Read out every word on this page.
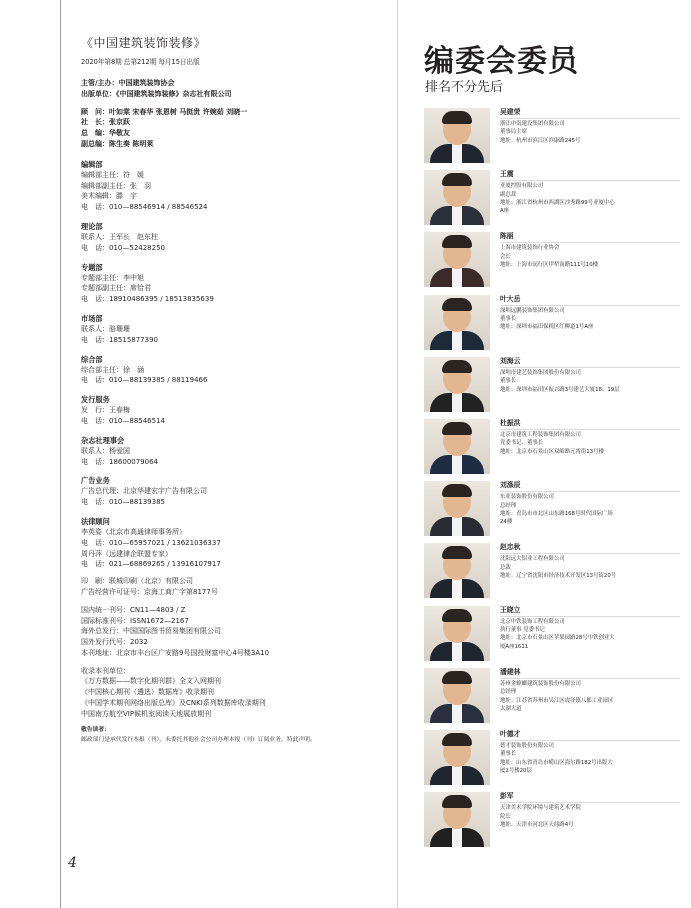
《中国建筑装饰装修》
2020年第8期 总第212期 每月15日出版
主管/主办：中国建筑装饰协会
出版单位：《中国建筑装饰装修》杂志社有限公司
顾　问：叶如棠 宋春华 张恩树 马挺贵 许婉茹 刘晓一
社　长：张京跃
总　编：华敬友
副总编：陈生奏 陈明莱
编辑部
编辑部主任：符　媛
编辑部副主任：张　羽
美术编辑：滕　宇
电　话：010—88546914 / 88546524
理论部
联系人：王军长　赵东柱
电　话：010—52428250
专题部
专题部主任：李中旭
专题部副主任：席恰君
电　话：18910486395 / 18513835639
市场部
联系人：骆珊珊
电　话：18515877390
综合部
综合部主任：徐　涵
电　话：010—88139385 / 88119466
发行服务
发　行：王春梅
电　话：010—88546514
杂志社理事会
联系人：杨爱国
电　话：18600079064
广告业务
广告总代理：北京华建宏宇广告有限公司
电　话：010—88139385
法律顾问
李英姿（北京市高通律师事务所）
电　话：010—65957021 / 13621036337
周丹萍（远建律企联盟专家）
电　话：021—68869265 / 13916107917
印　刷：联城印刷（北京）有限公司
广告经营许可证号：京海工商广字第8177号
国内统一刊号：CN11—4803 / Z
国际标准刊号：ISSN1672—2167
海外总发行：中国国际图书贸易集团有限公司
国外发行代号：2032
本刊地址：北京市丰台区广安路9号国投财富中心4号楼3A10
收录本刊单位：
《万方数据——数字化期刊群》全文入网期刊
《中国核心期刊（遴选）数据库》收录期刊
《中国学术期刊网络出版总库》及CNKI系列数据库收录期刊
中国南方航空VIP候机室阅读天地展放期刊
敬告读者：
邮政部门是承代发行本报（刊），未委托其他社会公司办理本报（刊）订阅业务，特此声明。
4
编委会委员
排名不分先后
吴建荣
浙江中南建设集团有限公司
董事局主席
地址：杭州市滨江区滨康路245号
王震
亚厦控股有限公司
副总裁
地址：浙江省杭州市西湖区沙秀路99号亚厦中心
A座
陈丽
上海市建筑装饰行业协会
会长
地址：上海市闵行区伊犁南路111号10楼
叶大岳
深圳远鹏装饰集团有限公司
董事长
地址：深圳市福田保税区红柳道1号A座
刘海云
深圳市建艺装饰集团股份有限公司
董事长
地址：深圳市福田区振兴路3号建艺大厦18、19层
杜振洪
北京市建筑工程装饰集团有限公司
党委书记、董事长
地址：北京市石景山区双峪路元霄街13号楼
刘涤辰
东亚装饰股份有限公司
总经理
地址：青岛市市北区山东路168号时代国际广场
24楼
赵忠秋
沈阳远大铝业工程有限公司
总裁
地址：辽宁省沈阳市经济技术开发区13号街20号
王晓立
北京中铁装饰工程有限公司
执行董事 党委书记
地址：北京市石景山区苹果园路28号中铁创业大
厦A座1611
潘建林
苏州金螳螂建筑装饰股份有限公司
总经理
地址：江苏省苏州市吴江区震泽镇八都工业园区
太湖大道
叶德才
德才装饰股份有限公司
董事长
地址：山东省青岛市崂山区海尔路182号出版大
厦2号楼20层
彭军
天津美术学院环境与建筑艺术学院
院长
地址：天津市河北区天纬路4号
